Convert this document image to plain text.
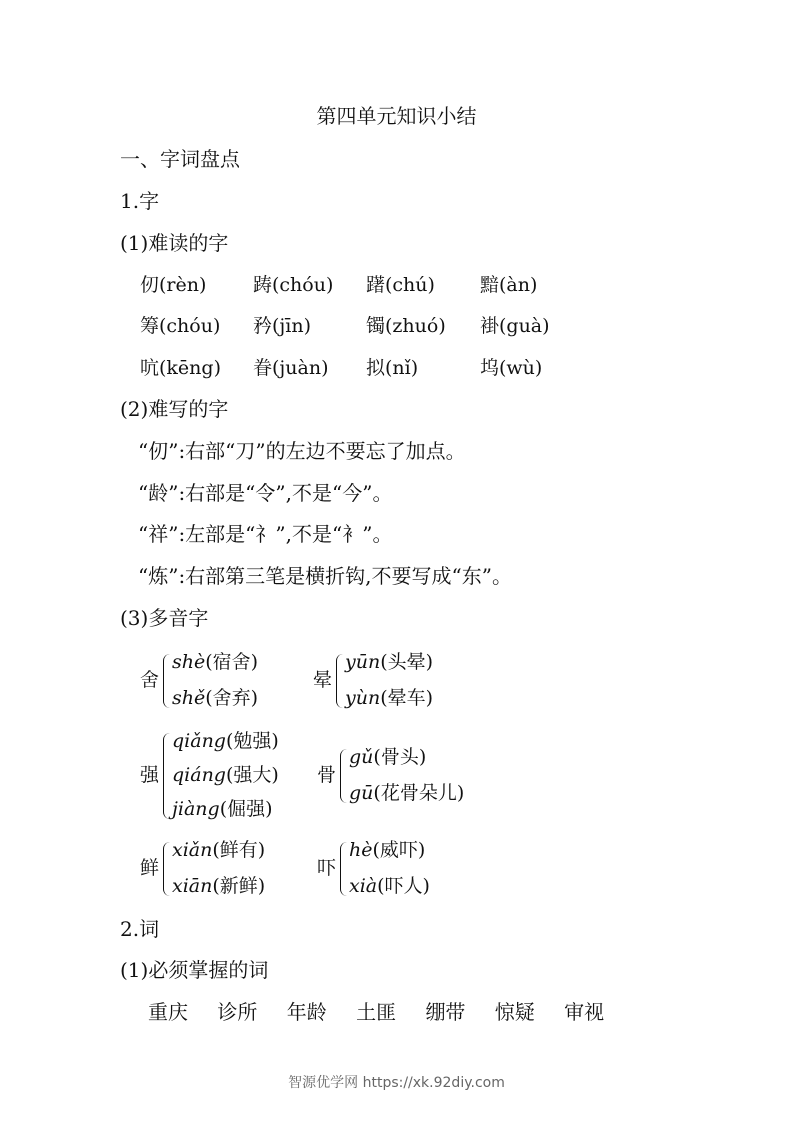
第四单元知识小结
一、字词盘点
1.字
(1)难读的字
仞(rèn) 踌(chóu) 躇(chú) 黯(àn)
筹(chóu) 矜(jīn)	镯(zhuó) 褂(guà)
吭(kēng) 眷(juàn) 拟(nǐ)	坞(wù)
(2)难写的字
“仞”:右部“刀”的左边不要忘了加点。
“龄”:右部是“令”,不是“今”。
“祥”:左部是“礻”,不是“衤”。
“炼”:右部第三笔是横折钩,不要写成“东”。
(3)多音字
舍
shè(宿舍)
shě(舍弃)
晕
yūn(头晕)
yùn(晕车)
强
qiǎng(勉强)
qiáng(强大)
jiàng(倔强)
骨
gǔ(骨头)
gū(花骨朵儿)
鲜
xiǎn(鲜有)
xiān(新鲜)
吓
hè(威吓)
xià(吓人)
2.词
(1)必须掌握的词
重庆 诊所 年龄 土匪 绷带 惊疑 审视
智源优学网 https://xk.92diy.com
